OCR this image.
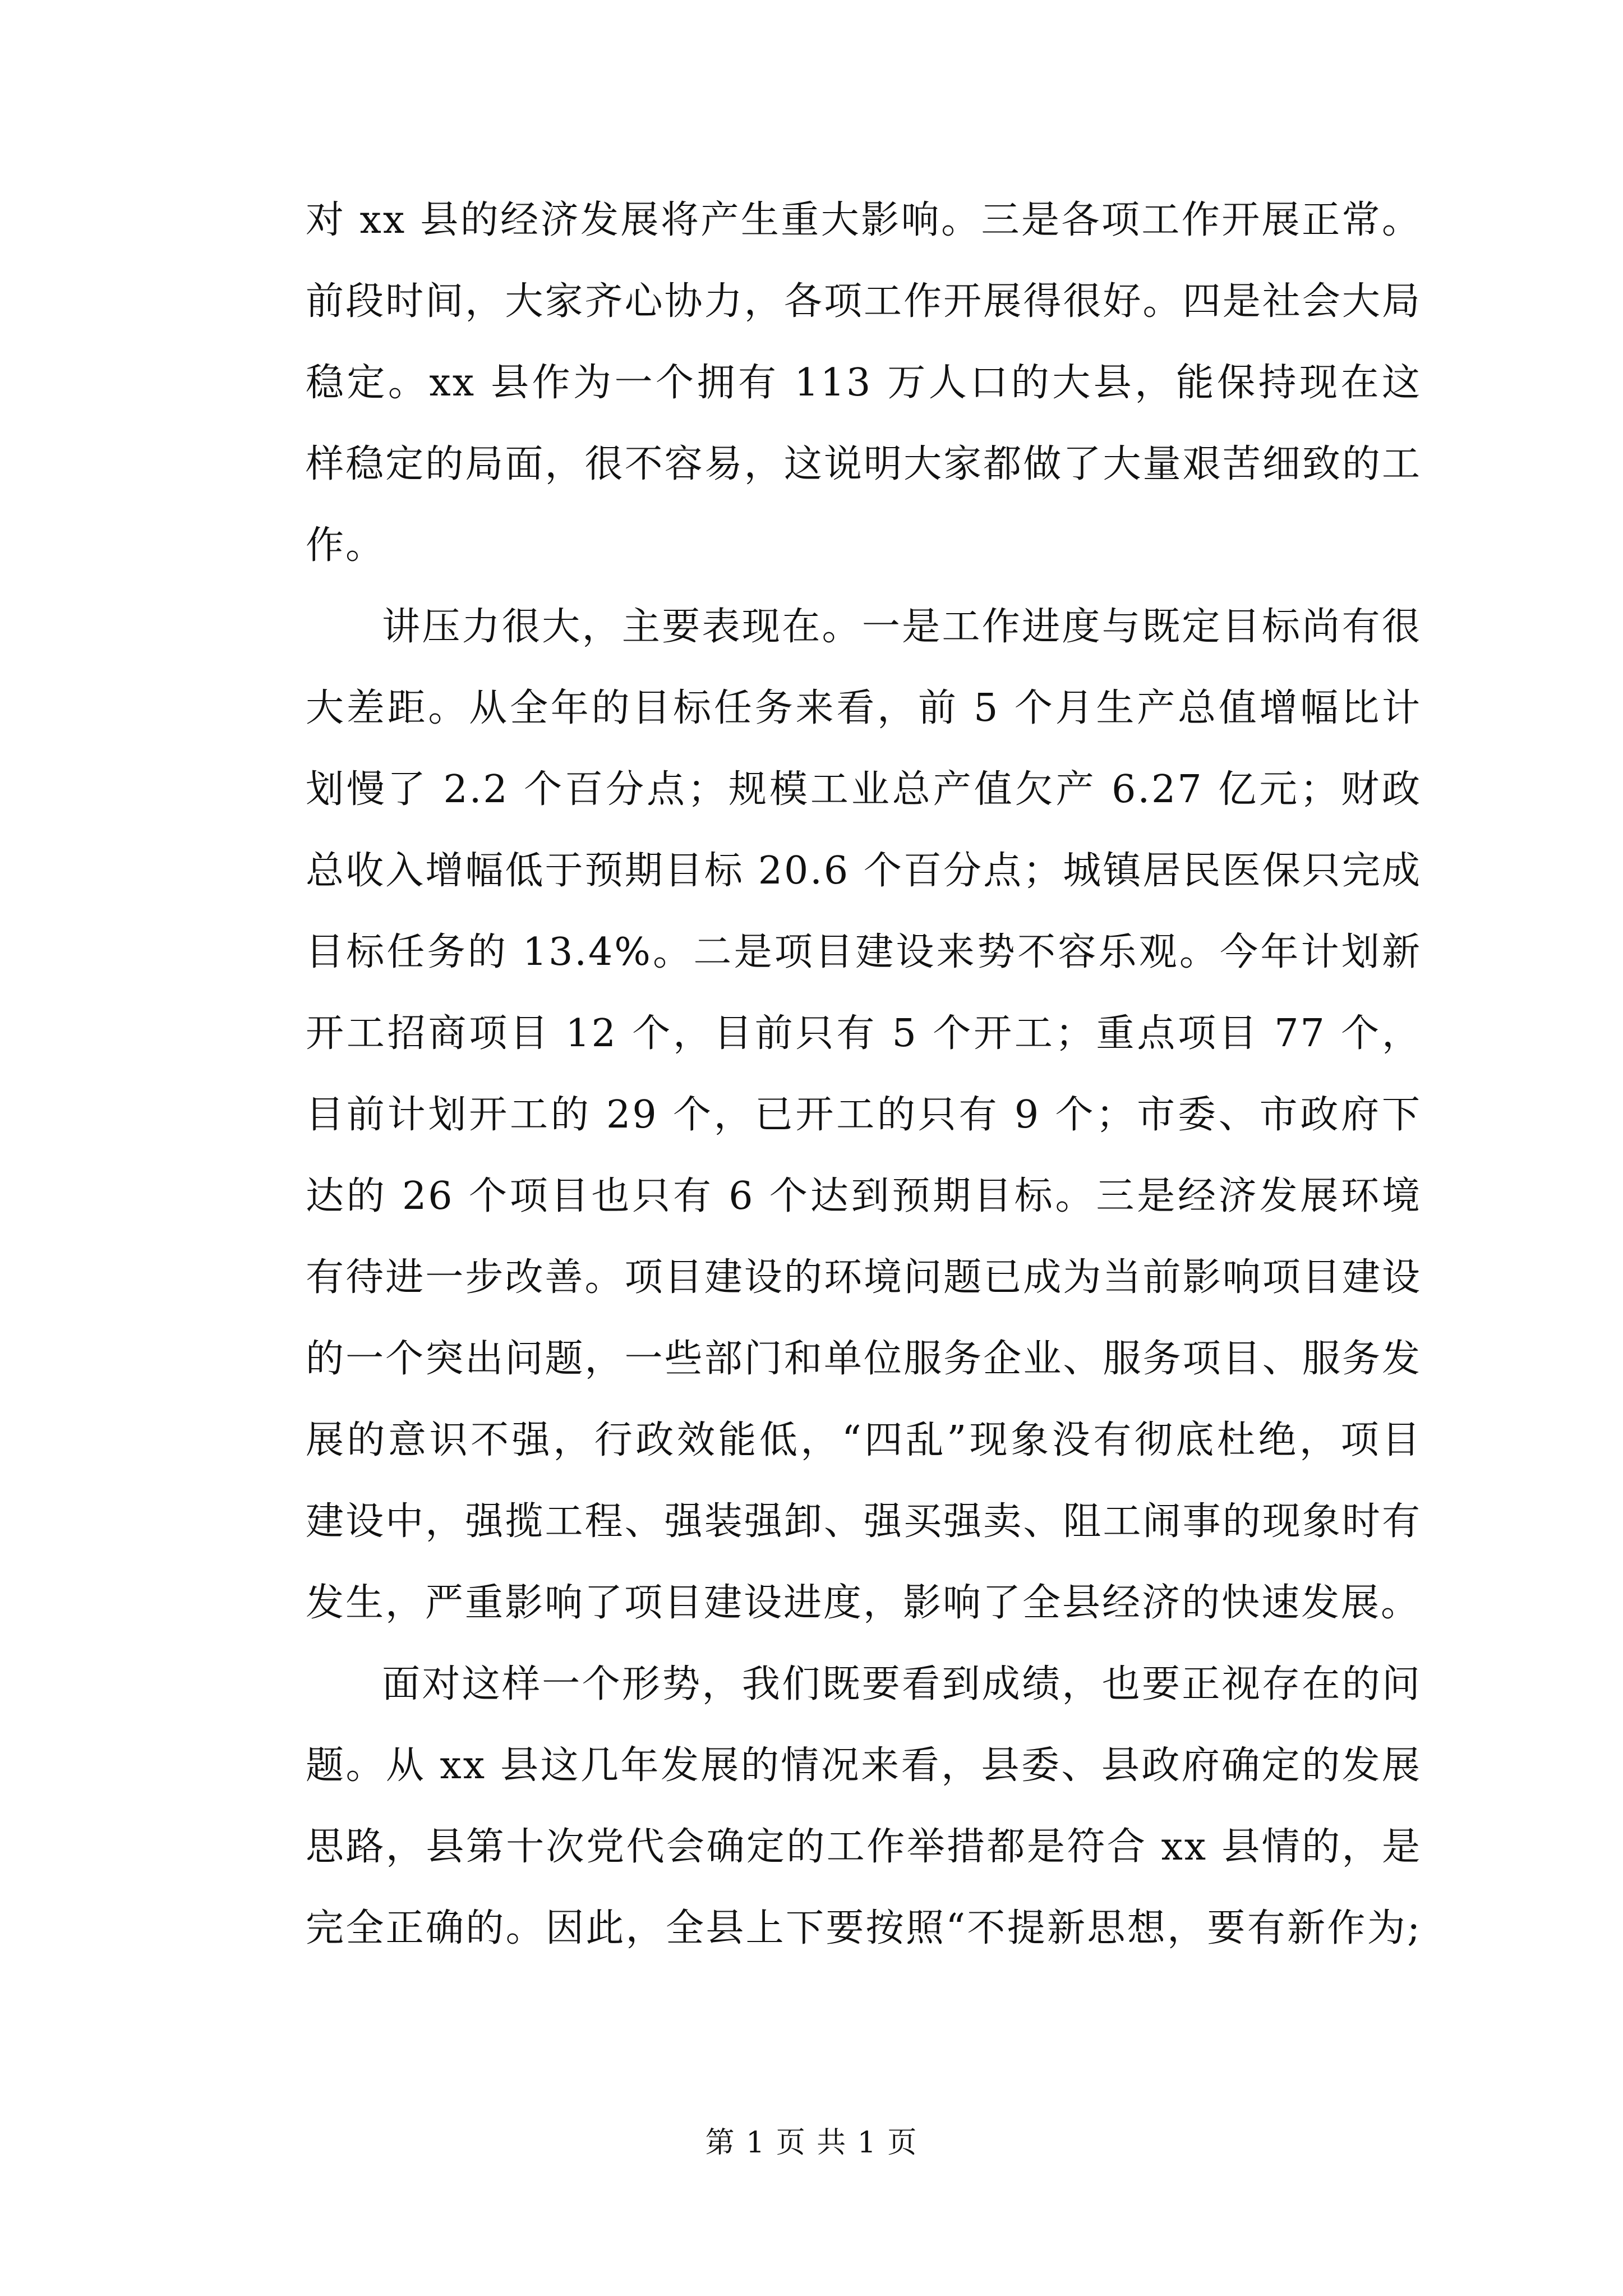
对 xx 县的经济发展将产生重大影响。三是各项工作开展正常。前段时间，大家齐心协力，各项工作开展得很好。四是社会大局稳定。xx 县作为一个拥有 113 万人口的大县，能保持现在这样稳定的局面，很不容易，这说明大家都做了大量艰苦细致的工作。

讲压力很大，主要表现在。一是工作进度与既定目标尚有很大差距。从全年的目标任务来看，前 5 个月生产总值增幅比计划慢了 2.2 个百分点；规模工业总产值欠产 6.27 亿元；财政总收入增幅低于预期目标 20.6 个百分点；城镇居民医保只完成目标任务的 13.4%。二是项目建设来势不容乐观。今年计划新开工招商项目 12 个，目前只有 5 个开工；重点项目 77 个，目前计划开工的 29 个，已开工的只有 9 个；市委、市政府下达的 26 个项目也只有 6 个达到预期目标。三是经济发展环境有待进一步改善。项目建设的环境问题已成为当前影响项目建设的一个突出问题，一些部门和单位服务企业、服务项目、服务发展的意识不强，行政效能低，“四乱”现象没有彻底杜绝，项目建设中，强揽工程、强装强卸、强买强卖、阻工闹事的现象时有发生，严重影响了项目建设进度，影响了全县经济的快速发展。

面对这样一个形势，我们既要看到成绩，也要正视存在的问题。从 xx 县这几年发展的情况来看，县委、县政府确定的发展思路，县第十次党代会确定的工作举措都是符合 xx 县情的，是完全正确的。因此，全县上下要按照“不提新思想，要有新作为;

第 1 页 共 1 页
